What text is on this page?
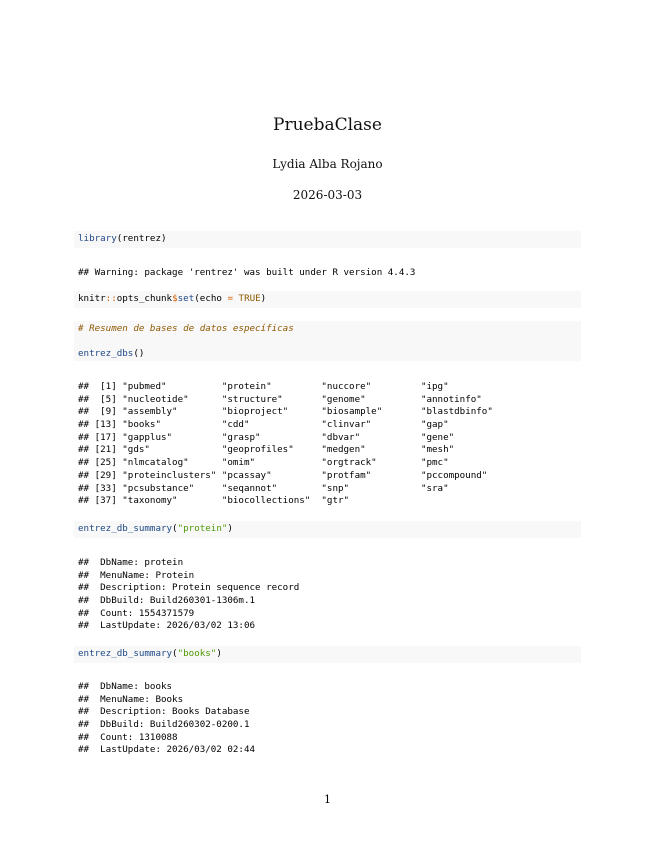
PruebaClase
Lydia Alba Rojano
2026-03-03
library(rentrez)
## Warning: package 'rentrez' was built under R version 4.4.3
knitr::opts_chunk$set(echo = TRUE)
# Resumen de bases de datos específicas
entrez_dbs()
##  [1] "pubmed"          "protein"         "nuccore"         "ipg"
##  [5] "nucleotide"      "structure"       "genome"          "annotinfo"
##  [9] "assembly"        "bioproject"      "biosample"       "blastdbinfo"
## [13] "books"           "cdd"             "clinvar"         "gap"
## [17] "gapplus"         "grasp"           "dbvar"           "gene"
## [21] "gds"             "geoprofiles"     "medgen"          "mesh"
## [25] "nlmcatalog"      "omim"            "orgtrack"        "pmc"
## [29] "proteinclusters" "pcassay"         "protfam"         "pccompound"
## [33] "pcsubstance"     "seqannot"        "snp"             "sra"
## [37] "taxonomy"        "biocollections"  "gtr"
entrez_db_summary("protein")
##  DbName: protein
##  MenuName: Protein
##  Description: Protein sequence record
##  DbBuild: Build260301-1306m.1
##  Count: 1554371579
##  LastUpdate: 2026/03/02 13:06
entrez_db_summary("books")
##  DbName: books
##  MenuName: Books
##  Description: Books Database
##  DbBuild: Build260302-0200.1
##  Count: 1310088
##  LastUpdate: 2026/03/02 02:44
1
